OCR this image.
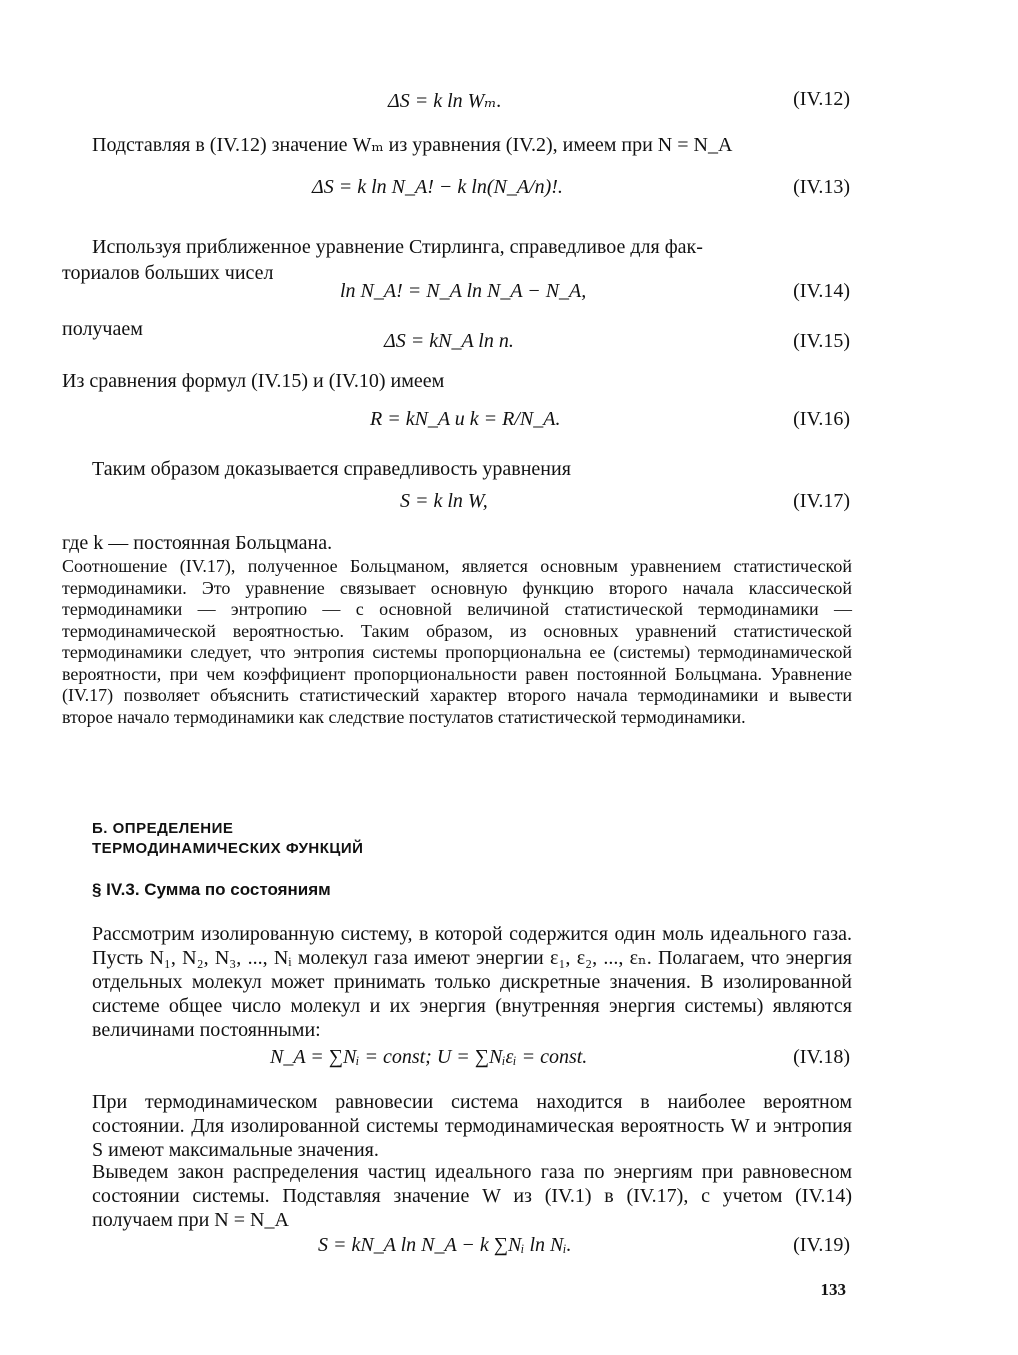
ΔS = k ln Wₘ.	(IV.12)
Подставляя в (IV.12) значение Wₘ из уравнения (IV.2), имеем при N = N_A
ΔS = k ln N_A! − k ln(N_A/n)!.	(IV.13)
Используя приближенное уравнение Стирлинга, справедливое для фак-
ториалов больших чисел
ln N_A! = N_A ln N_A − N_A,	(IV.14)
получаем
ΔS = kN_A ln n.	(IV.15)
Из сравнения формул (IV.15) и (IV.10) имеем
R = kN_A и k = R/N_A.	(IV.16)
Таким образом доказывается справедливость уравнения
S = k ln W,	(IV.17)
где k — постоянная Больцмана.
Соотношение (IV.17), полученное Больцманом, является основным уравнением статистической термодинамики. Это уравнение связывает основную функцию второго начала классической термодинамики — энтропию — с основной величиной статистической термодинамики — термодинамической вероятностью. Таким образом, из основных уравнений статистической термодинамики следует, что энтропия системы пропорциональна ее (системы) термодинамической вероятности, при чем коэффициент пропорциональности равен постоянной Больцмана. Уравнение (IV.17) позволяет объяснить статистический характер второго начала термодинамики и вывести второе начало термодинамики как следствие постулатов статистической термодинамики.
Б. ОПРЕДЕЛЕНИЕ
ТЕРМОДИНАМИЧЕСКИХ ФУНКЦИЙ
§ IV.3. Сумма по состояниям
Рассмотрим изолированную систему, в которой содержится один моль идеального газа. Пусть N₁, N₂, N₃, ..., Nᵢ молекул газа имеют энергии ε₁, ε₂, ..., εₙ. Полагаем, что энергия отдельных молекул может принимать только дискретные значения. В изолированной системе общее число молекул и их энергия (внутренняя энергия системы) являются величинами постоянными:
N_A = ∑Nᵢ = const; U = ∑Nᵢεᵢ = const.	(IV.18)
При термодинамическом равновесии система находится в наиболее вероятном состоянии. Для изолированной системы термодинамическая вероятность W и энтропия S имеют максимальные значения.
Выведем закон распределения частиц идеального газа по энергиям при равновесном состоянии системы. Подставляя значение W из (IV.1) в (IV.17), с учетом (IV.14) получаем при N = N_A
S = kN_A ln N_A − k ∑Nᵢ ln Nᵢ.	(IV.19)
133
